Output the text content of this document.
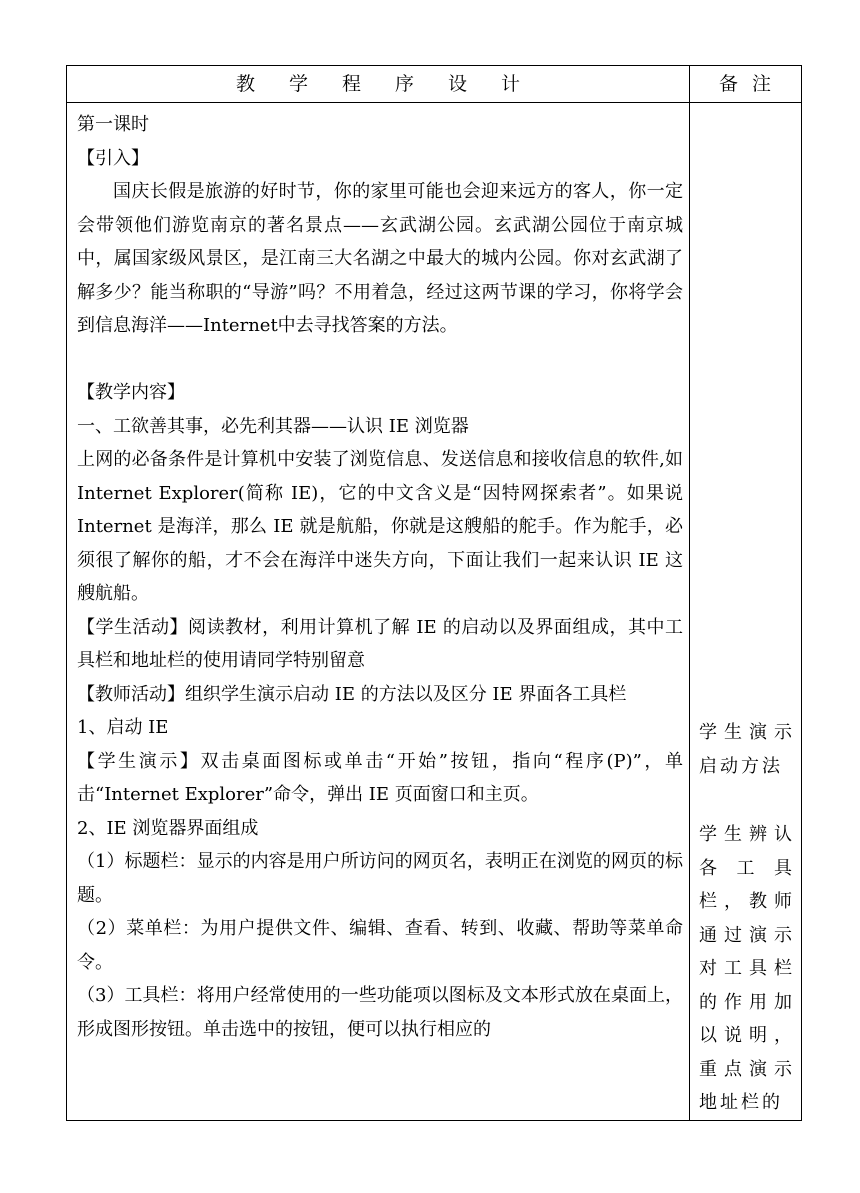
教学程序设计	备注

第一课时

【引入】

国庆长假是旅游的好时节，你的家里可能也会迎来远方的客人，你一定会带领他们游览南京的著名景点——玄武湖公园。玄武湖公园位于南京城中，属国家级风景区，是江南三大名湖之中最大的城内公园。你对玄武湖了解多少？能当称职的“导游”吗？不用着急，经过这两节课的学习，你将学会到信息海洋——Internet中去寻找答案的方法。

【教学内容】

一、工欲善其事，必先利其器——认识 IE 浏览器

上网的必备条件是计算机中安装了浏览信息、发送信息和接收信息的软件,如 Internet Explorer(简称 IE)，它的中文含义是“因特网探索者”。如果说 Internet 是海洋，那么 IE 就是航船，你就是这艘船的舵手。作为舵手，必须很了解你的船，才不会在海洋中迷失方向，下面让我们一起来认识 IE 这艘航船。

【学生活动】阅读教材，利用计算机了解 IE 的启动以及界面组成，其中工具栏和地址栏的使用请同学特别留意

【教师活动】组织学生演示启动 IE 的方法以及区分 IE 界面各工具栏

1、启动 IE

【学生演示】双击桌面图标或单击“开始”按钮，指向“程序(P)”，单击“Internet Explorer”命令，弹出 IE 页面窗口和主页。

2、IE 浏览器界面组成

（1）标题栏：显示的内容是用户所访问的网页名，表明正在浏览的网页的标题。

（2）菜单栏：为用户提供文件、编辑、查看、转到、收藏、帮助等菜单命令。

（3）工具栏：将用户经常使用的一些功能项以图标及文本形式放在桌面上，形成图形按钮。单击选中的按钮，便可以执行相应的

学生演示启动方法
学生辨认各工具栏，教师通过演示对工具栏的作用加以说明，重点演示地址栏的
